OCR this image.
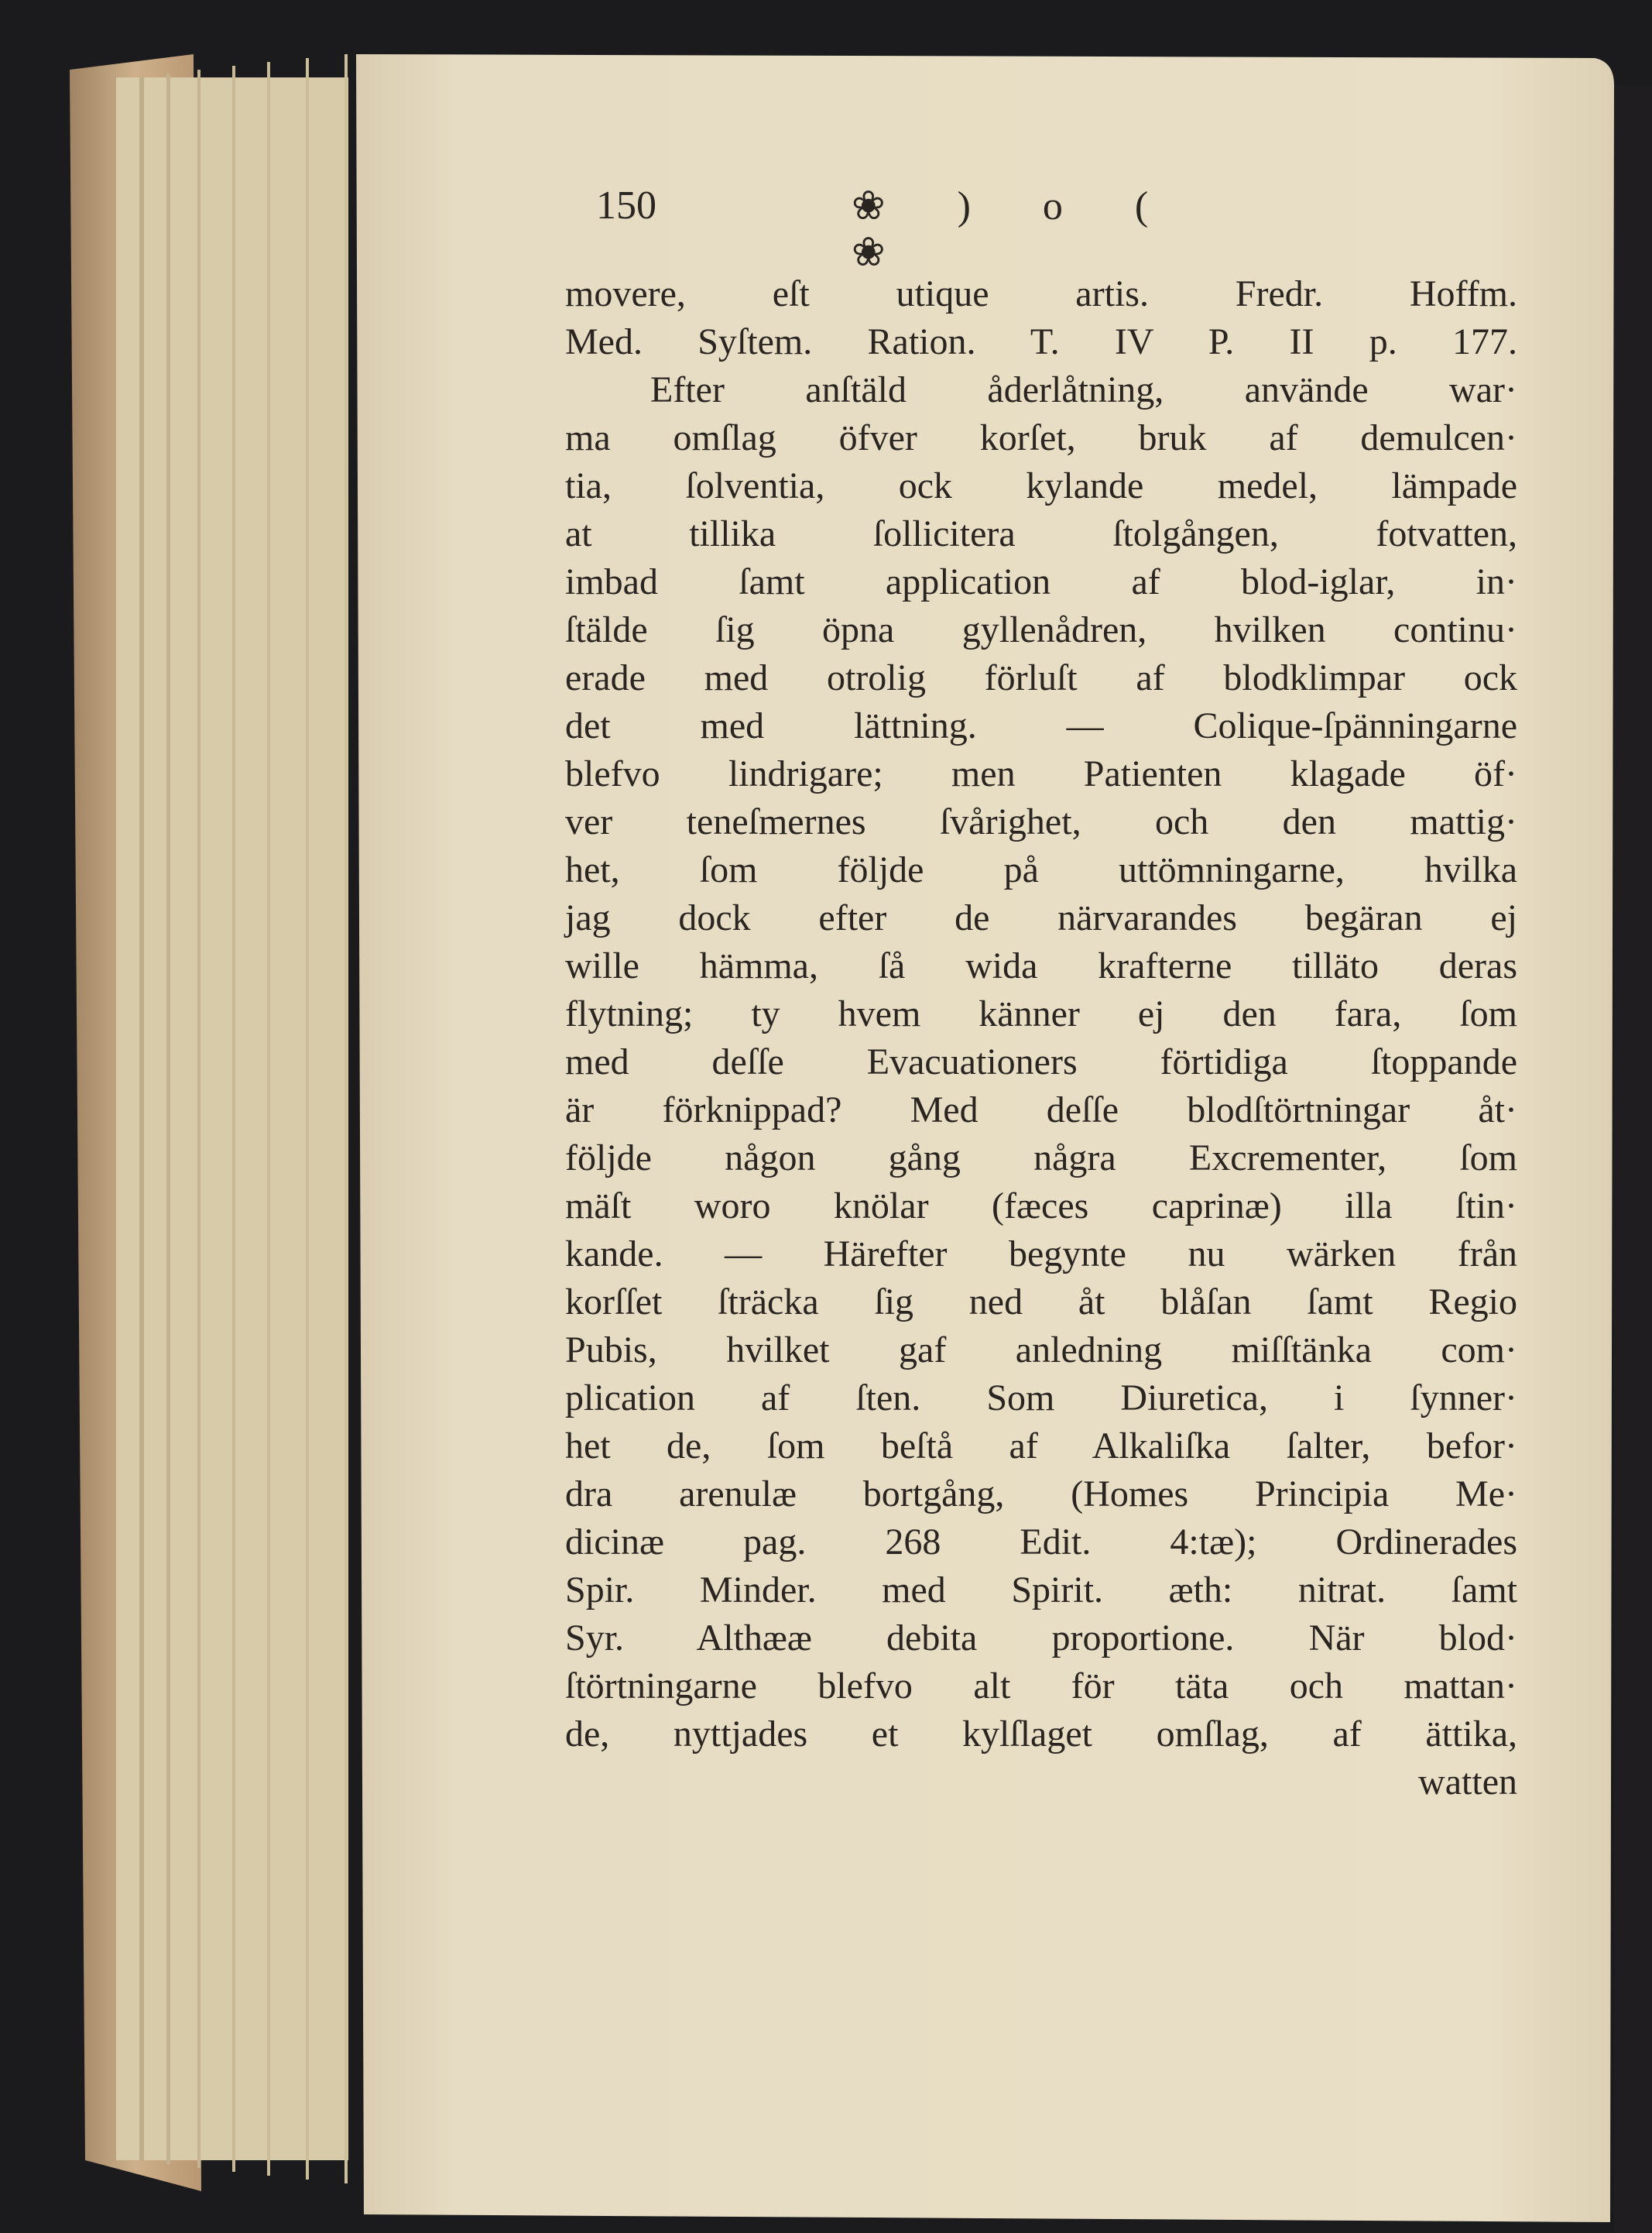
150	❀ ) o ( ❀
movere, eſt utique artis. Fredr. Hoffm.
Med. Syſtem. Ration. T. IV P. II p. 177.
Efter anſtäld åderlåtning, använde war·
ma omſlag öfver korſet, bruk af demulcen·
tia, ſolventia, ock kylande medel, lämpade
at tillika ſollicitera ſtolgången, fotvatten,
imbad ſamt application af blod-iglar, in·
ſtälde ſig öpna gyllenådren, hvilken continu·
erade med otrolig förluſt af blodklimpar ock
det med lättning. — Colique-ſpänningarne
blefvo lindrigare; men Patienten klagade öf·
ver teneſmernes ſvårighet, och den mattig·
het, ſom följde på uttömningarne, hvilka
jag dock efter de närvarandes begäran ej
wille hämma, ſå wida krafterne tilläto deras
flytning; ty hvem känner ej den fara, ſom
med deſſe Evacuationers förtidiga ſtoppande
är förknippad? Med deſſe blodſtörtningar åt·
följde någon gång några Excrementer, ſom
mäſt woro knölar (fæces caprinæ) illa ſtin·
kande. — Härefter begynte nu wärken från
korſſet ſträcka ſig ned åt blåſan ſamt Regio
Pubis, hvilket gaf anledning miſſtänka com·
plication af ſten. Som Diuretica, i ſynner·
het de, ſom beſtå af Alkaliſka ſalter, befor·
dra arenulæ bortgång, (Homes Principia Me·
dicinæ pag. 268 Edit. 4:tæ); Ordinerades
Spir. Minder. med Spirit. æth: nitrat. ſamt
Syr. Althææ debita proportione. När blod·
ſtörtningarne blefvo alt för täta och mattan·
de, nyttjades et kylſlaget omſlag, af ättika,
watten
